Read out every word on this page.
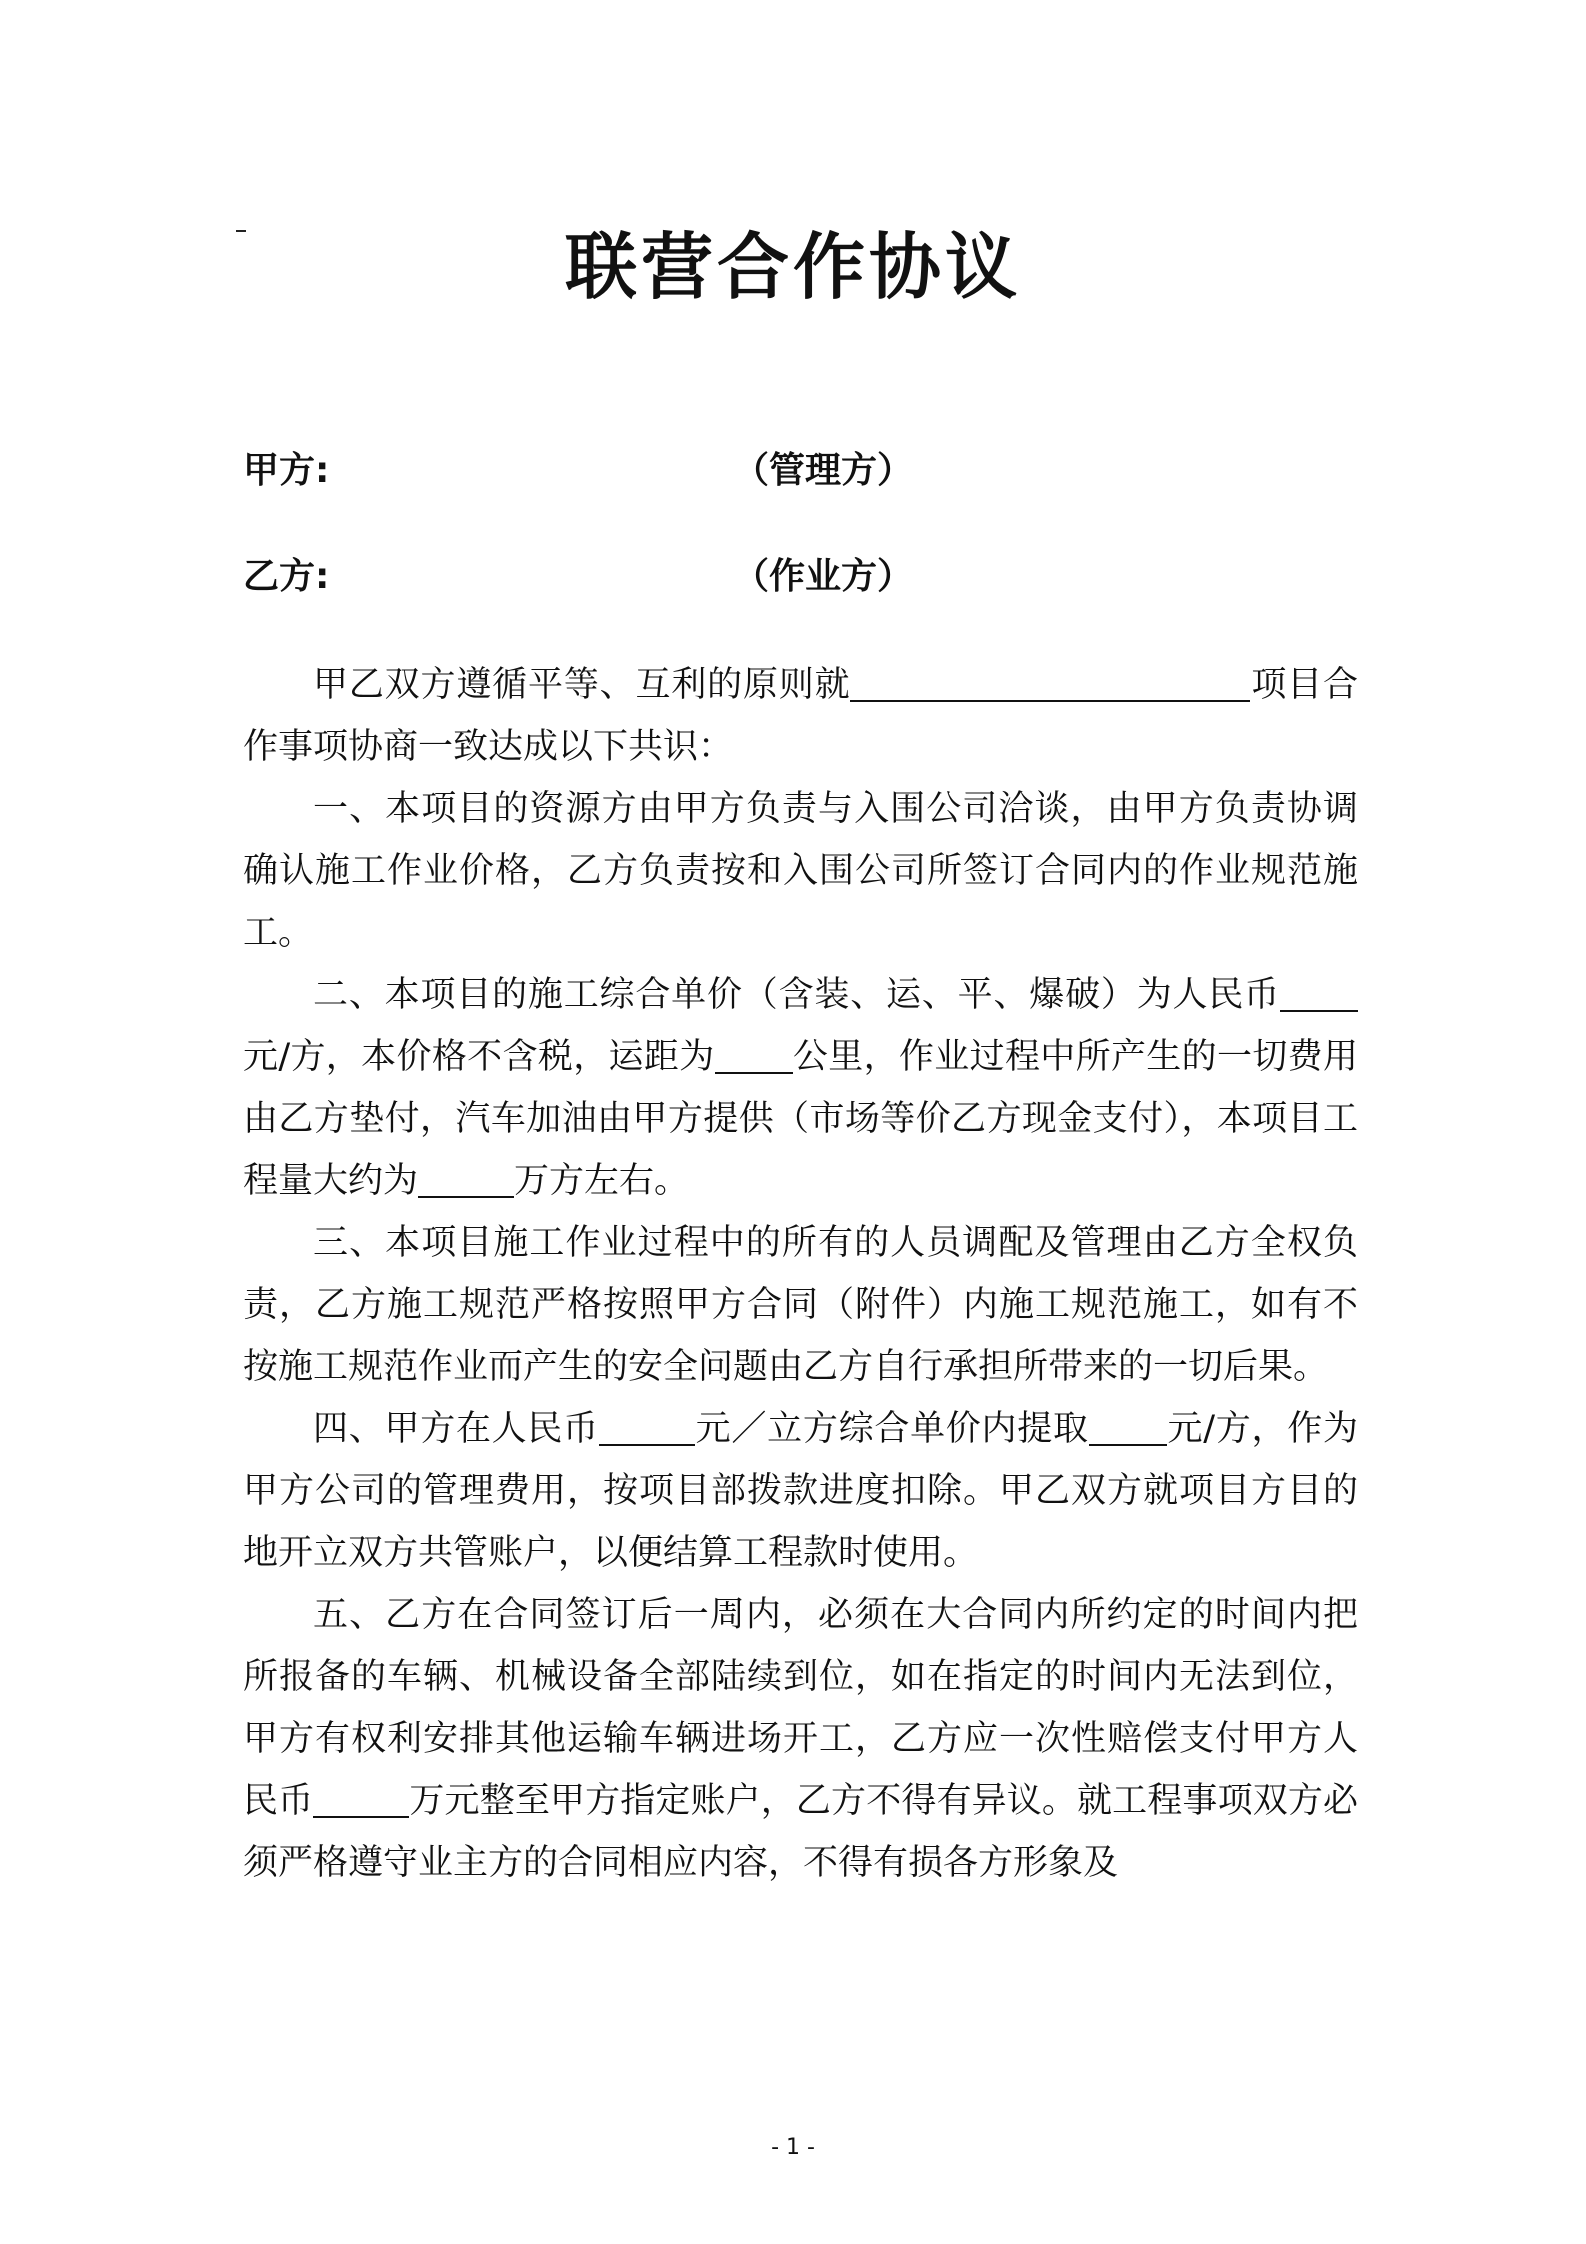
联营合作协议
甲方:	（管理方）
乙方:	（作业方）

甲乙双方遵循平等、互利的原则就	项目合作事项协商一致达成以下共识：

一、本项目的资源方由甲方负责与入围公司洽谈，由甲方负责协调确认施工作业价格，乙方负责按和入围公司所签订合同内的作业规范施工。

二、本项目的施工综合单价（含装、运、平、爆破）为人民币元/方，本价格不含税，运距为 公里，作业过程中所产生的一切费用由乙方垫付，汽车加油由甲方提供（市场等价乙方现金支付），本项目工程量大约为	万方左右。

三、本项目施工作业过程中的所有的人员调配及管理由乙方全权负责，乙方施工规范严格按照甲方合同（附件）内施工规范施工，如有不按施工规范作业而产生的安全问题由乙方自行承担所带来的一切后果。

四、甲方在人民币	元／立方综合单价内提取 元/方，作为甲方公司的管理费用，按项目部拨款进度扣除。甲乙双方就项目方目的地开立双方共管账户，以便结算工程款时使用。

五、乙方在合同签订后一周内，必须在大合同内所约定的时间内把所报备的车辆、机械设备全部陆续到位，如在指定的时间内无法到位，甲方有权利安排其他运输车辆进场开工，乙方应一次性赔偿支付甲方人民币	万元整至甲方指定账户，乙方不得有异议。就工程事项双方必须严格遵守业主方的合同相应内容，不得有损各方形象及

- 1 -
